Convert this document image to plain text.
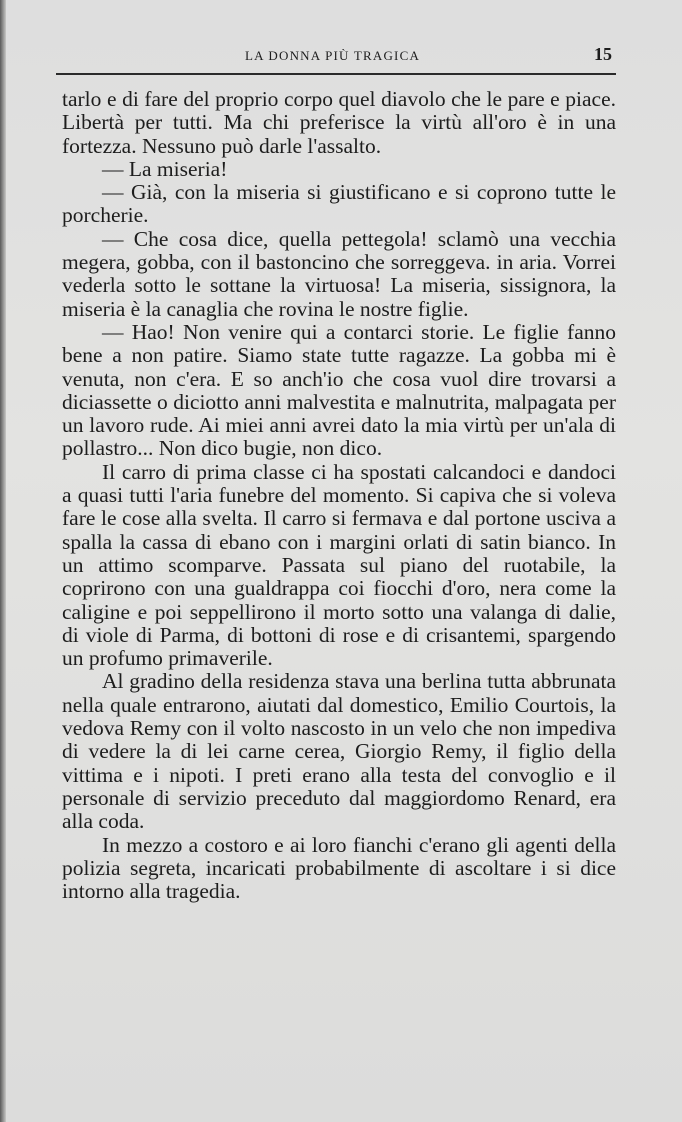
LA DONNA PIÙ TRAGICA	15

tarlo e di fare del proprio corpo quel diavolo che le pare e piace. Libertà per tutti. Ma chi preferisce la virtù all'oro è in una fortezza. Nessuno può darle l'assalto.

— La miseria!

— Già, con la miseria si giustificano e si coprono tutte le porcherie.

— Che cosa dice, quella pettegola! sclamò una vecchia megera, gobba, con il bastoncino che sorreggeva. in aria. Vorrei vederla sotto le sottane la virtuosa! La miseria, sissignora, la miseria è la canaglia che rovina le nostre figlie.

— Hao! Non venire qui a contarci storie. Le figlie fanno bene a non patire. Siamo state tutte ragazze. La gobba mi è venuta, non c'era. E so anch'io che cosa vuol dire trovarsi a diciassette o diciotto anni malvestita e malnutrita, malpagata per un lavoro rude. Ai miei anni avrei dato la mia virtù per un'ala di pollastro... Non dico bugie, non dico.

Il carro di prima classe ci ha spostati calcandoci e dandoci a quasi tutti l'aria funebre del momento. Si capiva che si voleva fare le cose alla svelta. Il carro si fermava e dal portone usciva a spalla la cassa di ebano con i margini orlati di satin bianco. In un attimo scomparve. Passata sul piano del ruotabile, la coprirono con una gualdrappa coi fiocchi d'oro, nera come la caligine e poi seppellirono il morto sotto una valanga di dalie, di viole di Parma, di bottoni di rose e di crisantemi, spargendo un profumo primaverile.

Al gradino della residenza stava una berlina tutta abbrunata nella quale entrarono, aiutati dal domestico, Emilio Courtois, la vedova Remy con il volto nascosto in un velo che non impediva di vedere la di lei carne cerea, Giorgio Remy, il figlio della vittima e i nipoti. I preti erano alla testa del convoglio e il personale di servizio preceduto dal maggiordomo Renard, era alla coda.

In mezzo a costoro e ai loro fianchi c'erano gli agenti della polizia segreta, incaricati probabilmente di ascoltare i si dice intorno alla tragedia.
